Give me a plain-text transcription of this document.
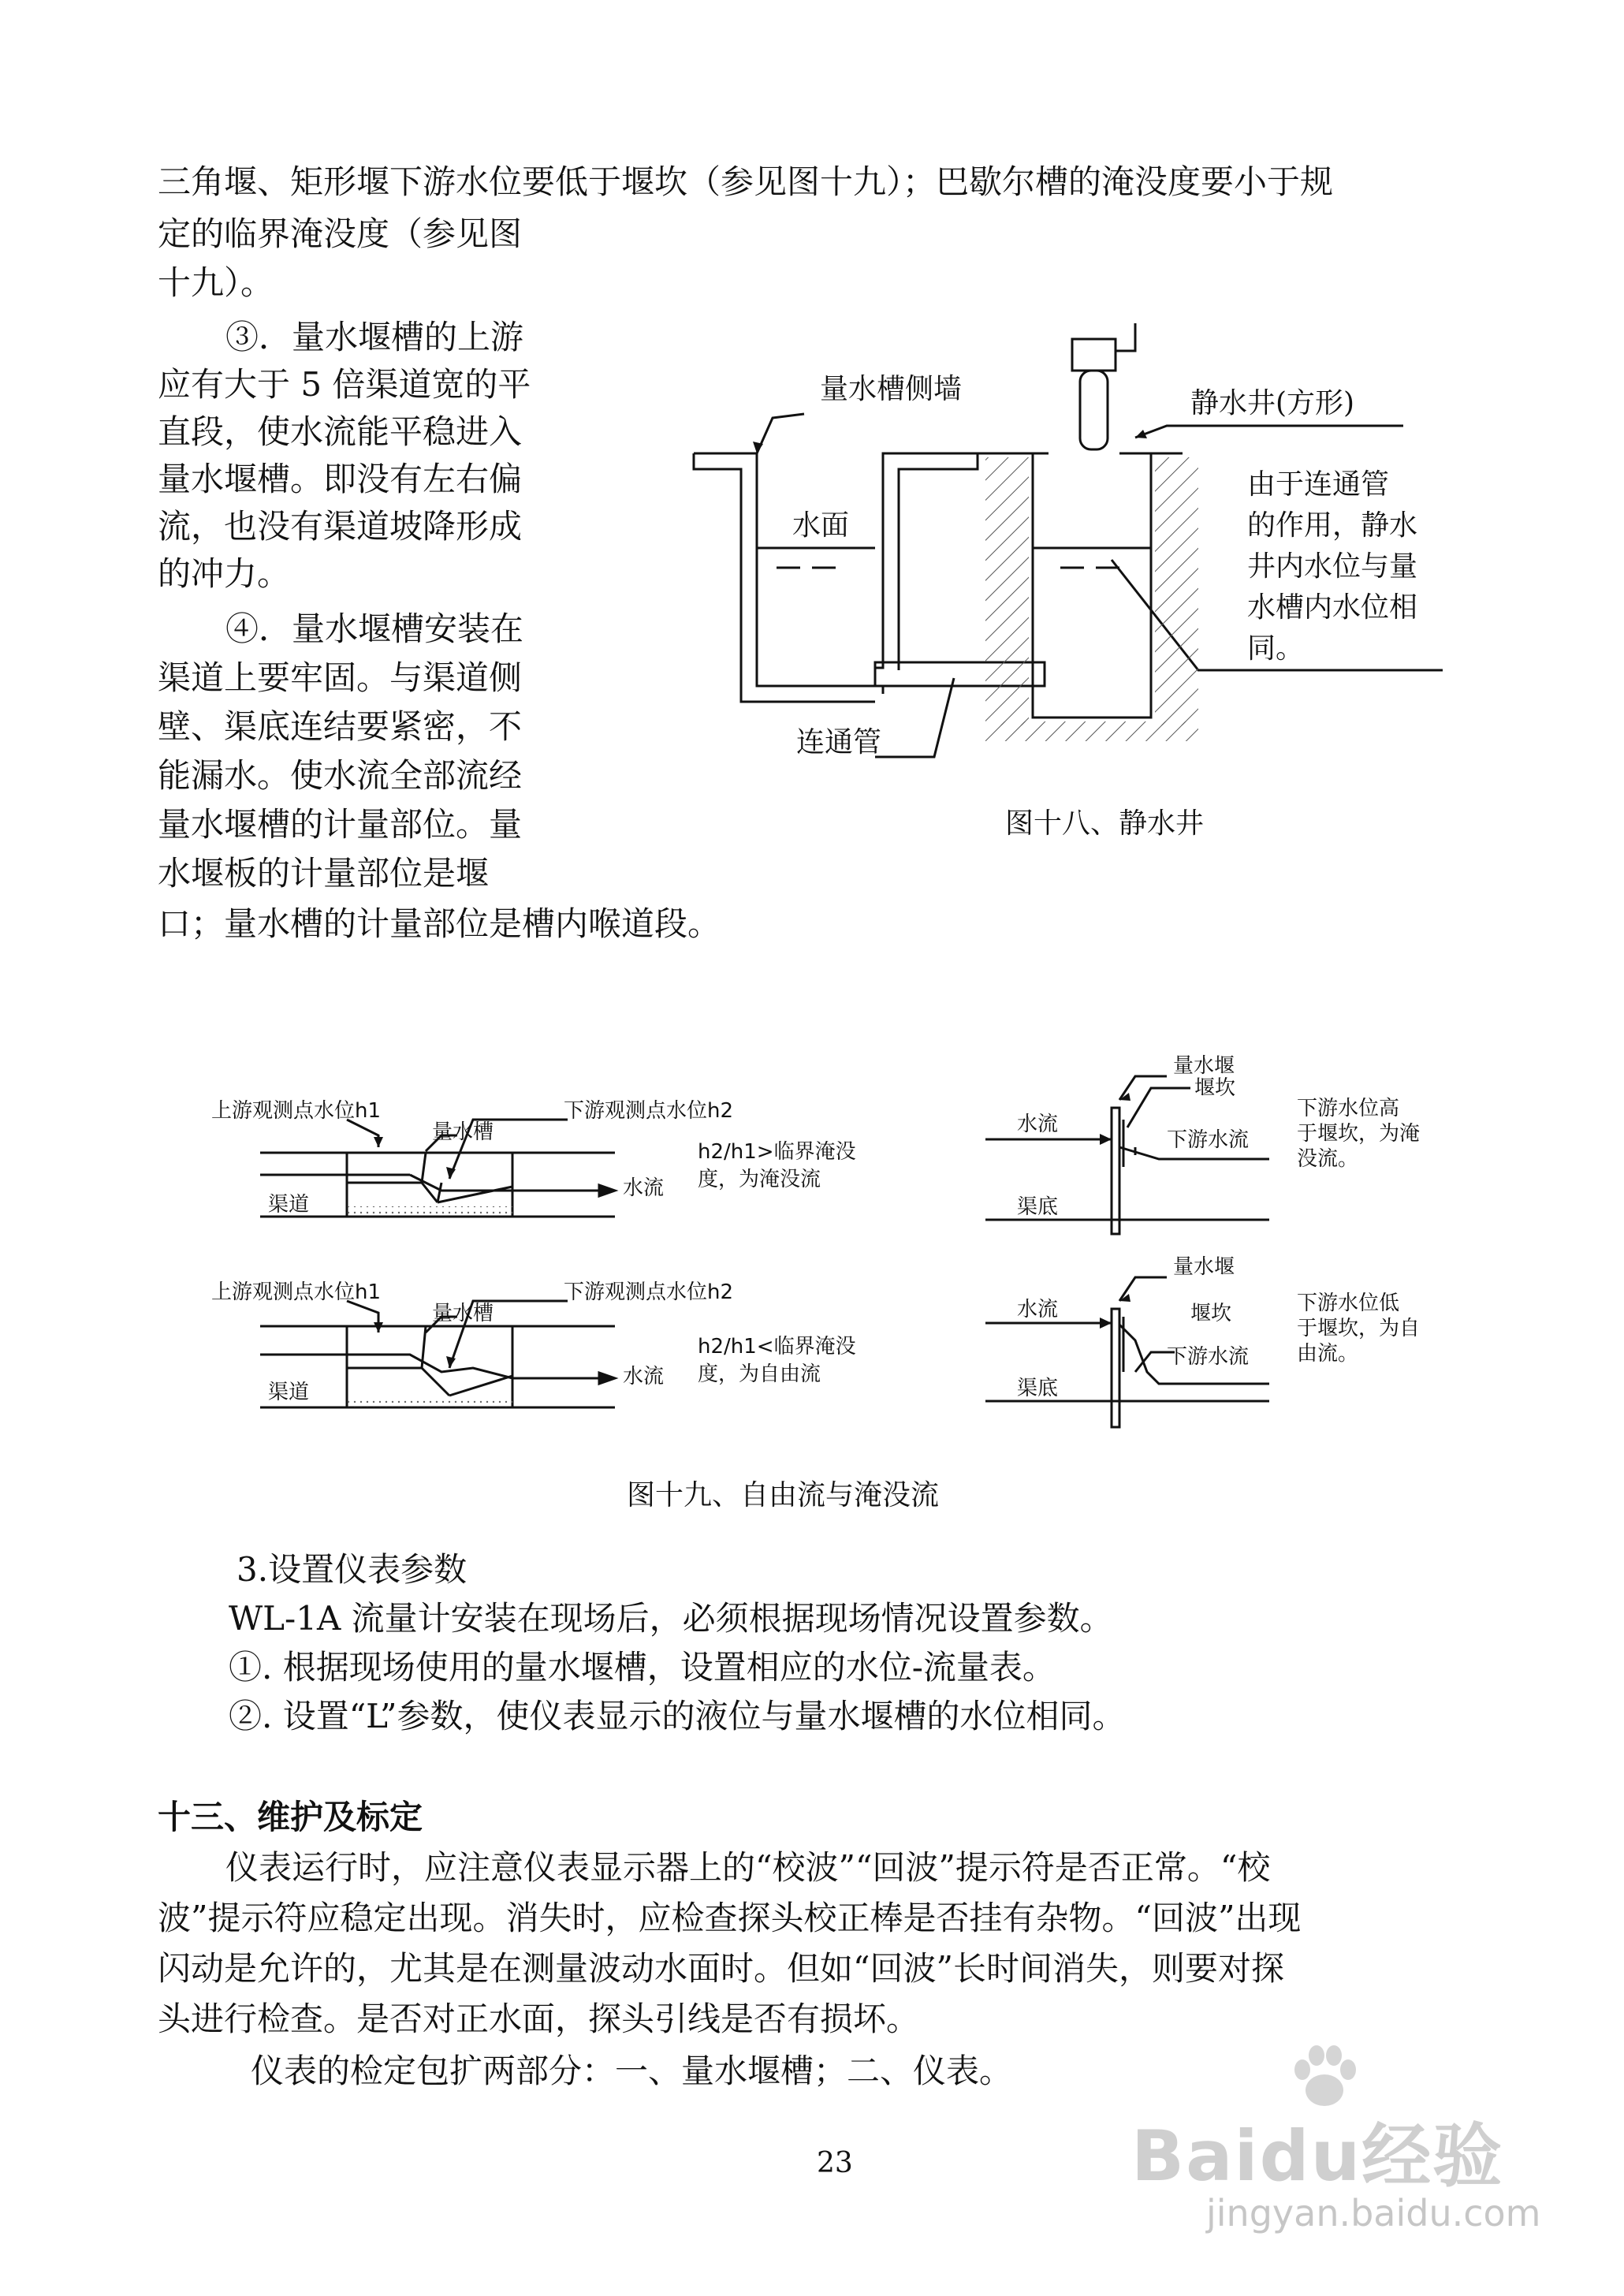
三角堰、矩形堰下游水位要低于堰坎（参见图十九）；巴歇尔槽的淹没度要小于规
定的临界淹没度（参见图
十九）。
③．量水堰槽的上游
应有大于 5 倍渠道宽的平
直段，使水流能平稳进入
量水堰槽。即没有左右偏
流，也没有渠道坡降形成
的冲力。
④．量水堰槽安装在
渠道上要牢固。与渠道侧
壁、渠底连结要紧密，不
能漏水。使水流全部流经
量水堰槽的计量部位。量
水堰板的计量部位是堰
口；量水槽的计量部位是槽内喉道段。
量水槽侧墙	静水井(方形)
水面
连通管
由于连通管
的作用，静水
井内水位与量
水槽内水位相
同。
图十八、静水井
上游观测点水位h1
量水槽
下游观测点水位h2
h2/h1>临界淹没
度，为淹没流
水流
渠道
上游观测点水位h1
量水槽
下游观测点水位h2
h2/h1<临界淹没
度，为自由流
水流
渠道
量水堰
堰坎
水流
下游水流
渠底
下游水位高
于堰坎，为淹
没流。
量水堰
堰坎
水流
下游水流
渠底
下游水位低
于堰坎，为自
由流。
图十九、自由流与淹没流
3.设置仪表参数
WL-1A 流量计安装在现场后，必须根据现场情况设置参数。
①. 根据现场使用的量水堰槽，设置相应的水位-流量表。
②. 设置“L”参数，使仪表显示的液位与量水堰槽的水位相同。
十三、维护及标定
仪表运行时，应注意仪表显示器上的“校波”“回波”提示符是否正常。“校
波”提示符应稳定出现。消失时，应检查探头校正棒是否挂有杂物。“回波”出现
闪动是允许的，尤其是在测量波动水面时。但如“回波”长时间消失，则要对探
头进行检查。是否对正水面，探头引线是否有损坏。
仪表的检定包扩两部分：一、量水堰槽；二、仪表。
23	Baidu经验
jingyan.baidu.com
